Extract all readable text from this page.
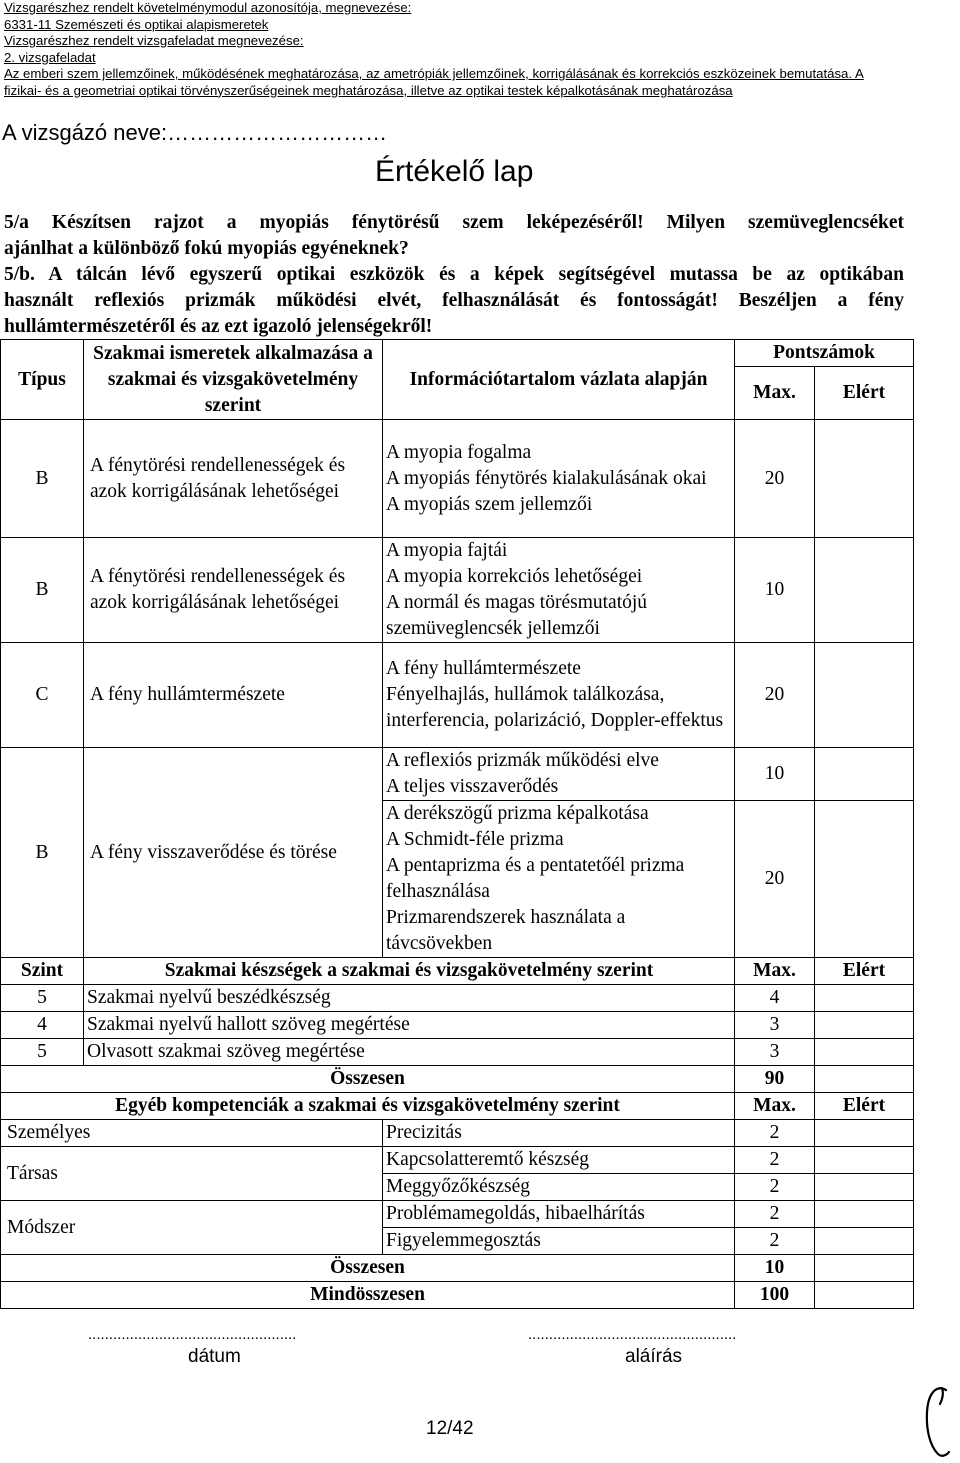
Vizsgarészhez rendelt követelménymodul azonosítója, megnevezése:
6331-11 Szemészeti és optikai alapismeretek
Vizsgarészhez rendelt vizsgafeladat megnevezése:
2. vizsgafeladat
Az emberi szem jellemzőinek, működésének meghatározása, az ametrópiák jellemzőinek, korrigálásának és korrekciós eszközeinek bemutatása. A
fizikai- és a geometriai optikai törvényszerűségeinek meghatározása, illetve az optikai testek képalkotásának meghatározása
A vizsgázó neve:…………………………
Értékelő lap
5/a Készítsen rajzot a myopiás fénytörésű szem leképezéséről! Milyen szemüveglencséket
ajánlhat a különböző fokú myopiás egyéneknek?
5/b. A tálcán lévő egyszerű optikai eszközök és a képek segítségével mutassa be az optikában
használt reflexiós prizmák működési elvét, felhasználását és fontosságát! Beszéljen a fény
hullámtermészetéről és az ezt igazoló jelenségekről!
Típus	Szakmai ismeretek alkalmazása a szakmai és vizsgakövetelmény szerint	Információtartalom vázlata alapján	Pontszámok	
			Max.	Elért
B	A fénytörési rendellenességek és azok korrigálásának lehetőségei	A myopia fogalma
A myopiás fénytörés kialakulásának okai
A myopiás szem jellemzői	20	
B	A fénytörési rendellenességek és azok korrigálásának lehetőségei	A myopia fajtái
A myopia korrekciós lehetőségei
A normál és magas törésmutatójú szemüveglencsék jellemzői	10	
C	A fény hullámtermészete	A fény hullámtermészete
Fényelhajlás, hullámok találkozása, interferencia, polarizáció, Doppler-effektus	20	
B	A fény visszaverődése és törése	A reflexiós prizmák működési elve
A teljes visszaverődés	10	

		A derékszögű prizma képalkotása
A Schmidt-féle prizma
A pentaprizma és a pentatetőél prizma felhasználása
Prizmarendszerek használata a távcsövekben	20	
Szint	Szakmai készségek a szakmai és vizsgakövetelmény szerint		Max.	Elért
5	Szakmai nyelvű beszédkészség		4	
4	Szakmai nyelvű hallott szöveg megértése		3	
5	Olvasott szakmai szöveg megértése		3	
Összesen			90	
Egyéb kompetenciák a szakmai és vizsgakövetelmény szerint			Max.	Elért
Személyes		Precizitás	2	
Társas		Kapcsolatteremtő készség	2	
		Meggyőzőkészség	2	
Módszer		Problémamegoldás, hibaelhárítás	2	
		Figyelemmegosztás	2	
Összesen			10	
Mindösszesen			100	
..................................................
dátum
..................................................
aláírás
12/42
